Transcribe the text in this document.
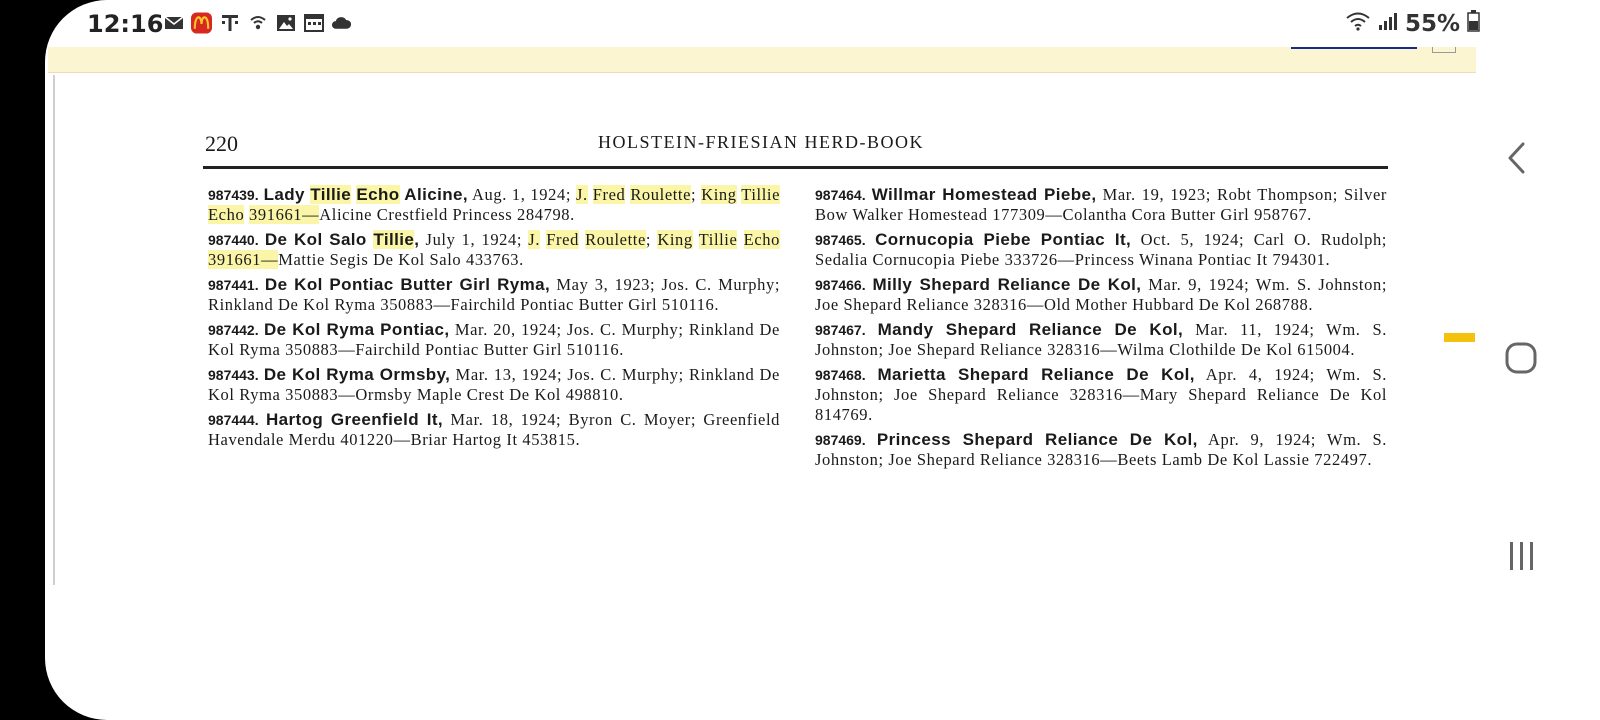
12:16	55%
220	HOLSTEIN-FRIESIAN HERD-BOOK

987439. Lady Tillie Echo Alicine, Aug. 1, 1924; J. Fred Roulette; King Tillie Echo 391661—Alicine Crestfield Princess 284798.

987440. De Kol Salo Tillie, July 1, 1924; J. Fred Roulette; King Tillie Echo 391661—Mattie Segis De Kol Salo 433763.

987441. De Kol Pontiac Butter Girl Ryma, May 3, 1923; Jos. C. Murphy; Rinkland De Kol Ryma 350883—Fairchild Pontiac Butter Girl 510116.

987442. De Kol Ryma Pontiac, Mar. 20, 1924; Jos. C. Murphy; Rinkland De Kol Ryma 350883—Fairchild Pontiac Butter Girl 510116.

987443. De Kol Ryma Ormsby, Mar. 13, 1924; Jos. C. Murphy; Rinkland De Kol Ryma 350883—Ormsby Maple Crest De Kol 498810.

987444. Hartog Greenfield It, Mar. 18, 1924; Byron C. Moyer; Greenfield Havendale Merdu 401220—Briar Hartog It 453815.

987464. Willmar Homestead Piebe, Mar. 19, 1923; Robt Thompson; Silver Bow Walker Homestead 177309—Colantha Cora Butter Girl 958767.

987465. Cornucopia Piebe Pontiac It, Oct. 5, 1924; Carl O. Rudolph; Sedalia Cornucopia Piebe 333726—Princess Winana Pontiac It 794301.

987466. Milly Shepard Reliance De Kol, Mar. 9, 1924; Wm. S. Johnston; Joe Shepard Reliance 328316—Old Mother Hubbard De Kol 268788.

987467. Mandy Shepard Reliance De Kol, Mar. 11, 1924; Wm. S. Johnston; Joe Shepard Reliance 328316—Wilma Clothilde De Kol 615004.

987468. Marietta Shepard Reliance De Kol, Apr. 4, 1924; Wm. S. Johnston; Joe Shepard Reliance 328316—Mary Shepard Reliance De Kol 814769.

987469. Princess Shepard Reliance De Kol, Apr. 9, 1924; Wm. S. Johnston; Joe Shepard Reliance 328316—Beets Lamb De Kol Lassie 722497.
